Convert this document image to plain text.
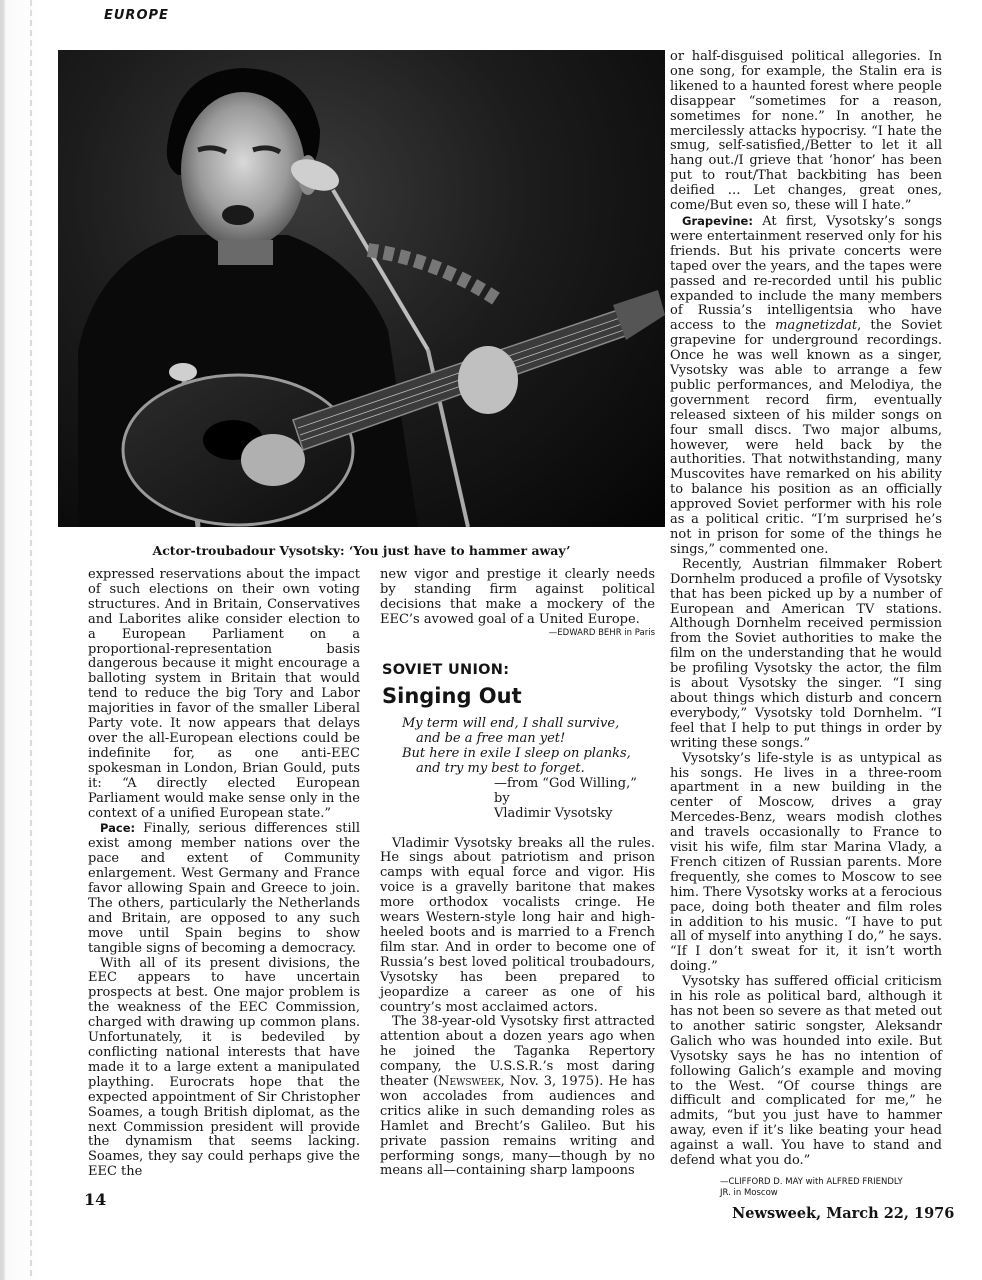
EUROPE

Actor-troubadour Vysotsky: ‘You just have to hammer away’

expressed reservations about the impact of such elections on their own voting structures. And in Britain, Conservatives and Laborites alike consider election to a European Parliament on a proportional-representation basis dangerous because it might encourage a balloting system in Britain that would tend to reduce the big Tory and Labor majorities in favor of the smaller Liberal Party vote. It now appears that delays over the all-European elections could be indefinite for, as one anti-EEC spokesman in London, Brian Gould, puts it: “A directly elected European Parliament would make sense only in the context of a unified European state.”

Pace: Finally, serious differences still exist among member nations over the pace and extent of Community enlargement. West Germany and France favor allowing Spain and Greece to join. The others, particularly the Netherlands and Britain, are opposed to any such move until Spain begins to show tangible signs of becoming a democracy.

With all of its present divisions, the EEC appears to have uncertain prospects at best. One major problem is the weakness of the EEC Commission, charged with drawing up common plans. Unfortunately, it is bedeviled by conflicting national interests that have made it to a large extent a manipulated plaything. Eurocrats hope that the expected appointment of Sir Christopher Soames, a tough British diplomat, as the next Commission president will provide the dynamism that seems lacking. Soames, they say could perhaps give the EEC the

new vigor and prestige it clearly needs by standing firm against political decisions that make a mockery of the EEC’s avowed goal of a United Europe.

—EDWARD BEHR in Paris

SOVIET UNION:
Singing Out
My term will end, I shall survive,
and be a free man yet!
But here in exile I sleep on planks,
and try my best to forget.
—from “God Willing,” by
Vladimir Vysotsky

Vladimir Vysotsky breaks all the rules. He sings about patriotism and prison camps with equal force and vigor. His voice is a gravelly baritone that makes more orthodox vocalists cringe. He wears Western-style long hair and high-heeled boots and is married to a French film star. And in order to become one of Russia’s best loved political troubadours, Vysotsky has been prepared to jeopardize a career as one of his country’s most acclaimed actors.

The 38-year-old Vysotsky first attracted attention about a dozen years ago when he joined the Taganka Repertory company, the U.S.S.R.’s most daring theater (Newsweek, Nov. 3, 1975). He has won accolades from audiences and critics alike in such demanding roles as Hamlet and Brecht’s Galileo. But his private passion remains writing and performing songs, many—though by no means all—containing sharp lampoons

or half-disguised political allegories. In one song, for example, the Stalin era is likened to a haunted forest where people disappear “sometimes for a reason, sometimes for none.” In another, he mercilessly attacks hypocrisy. “I hate the smug, self-satisfied,/Better to let it all hang out./I grieve that ‘honor’ has been put to rout/That backbiting has been deified … Let changes, great ones, come/But even so, these will I hate.”

Grapevine: At first, Vysotsky’s songs were entertainment reserved only for his friends. But his private concerts were taped over the years, and the tapes were passed and re-recorded until his public expanded to include the many members of Russia’s intelligentsia who have access to the magnetizdat, the Soviet grapevine for underground recordings. Once he was well known as a singer, Vysotsky was able to arrange a few public performances, and Melodiya, the government record firm, eventually released sixteen of his milder songs on four small discs. Two major albums, however, were held back by the authorities. That notwithstanding, many Muscovites have remarked on his ability to balance his position as an officially approved Soviet performer with his role as a political critic. “I’m surprised he’s not in prison for some of the things he sings,” commented one.

Recently, Austrian filmmaker Robert Dornhelm produced a profile of Vysotsky that has been picked up by a number of European and American TV stations. Although Dornhelm received permission from the Soviet authorities to make the film on the understanding that he would be profiling Vysotsky the actor, the film is about Vysotsky the singer. “I sing about things which disturb and concern everybody,” Vysotsky told Dornhelm. “I feel that I help to put things in order by writing these songs.”

Vysotsky’s life-style is as untypical as his songs. He lives in a three-room apartment in a new building in the center of Moscow, drives a gray Mercedes-Benz, wears modish clothes and travels occasionally to France to visit his wife, film star Marina Vlady, a French citizen of Russian parents. More frequently, she comes to Moscow to see him. There Vysotsky works at a ferocious pace, doing both theater and film roles in addition to his music. “I have to put all of myself into anything I do,” he says. “If I don’t sweat for it, it isn’t worth doing.”

Vysotsky has suffered official criticism in his role as political bard, although it has not been so severe as that meted out to another satiric songster, Aleksandr Galich who was hounded into exile. But Vysotsky says he has no intention of following Galich’s example and moving to the West. “Of course things are difficult and complicated for me,” he admits, “but you just have to hammer away, even if it’s like beating your head against a wall. You have to stand and defend what you do.”

—CLIFFORD D. MAY with ALFRED FRIENDLY

JR. in Moscow

14

Newsweek, March 22, 1976
